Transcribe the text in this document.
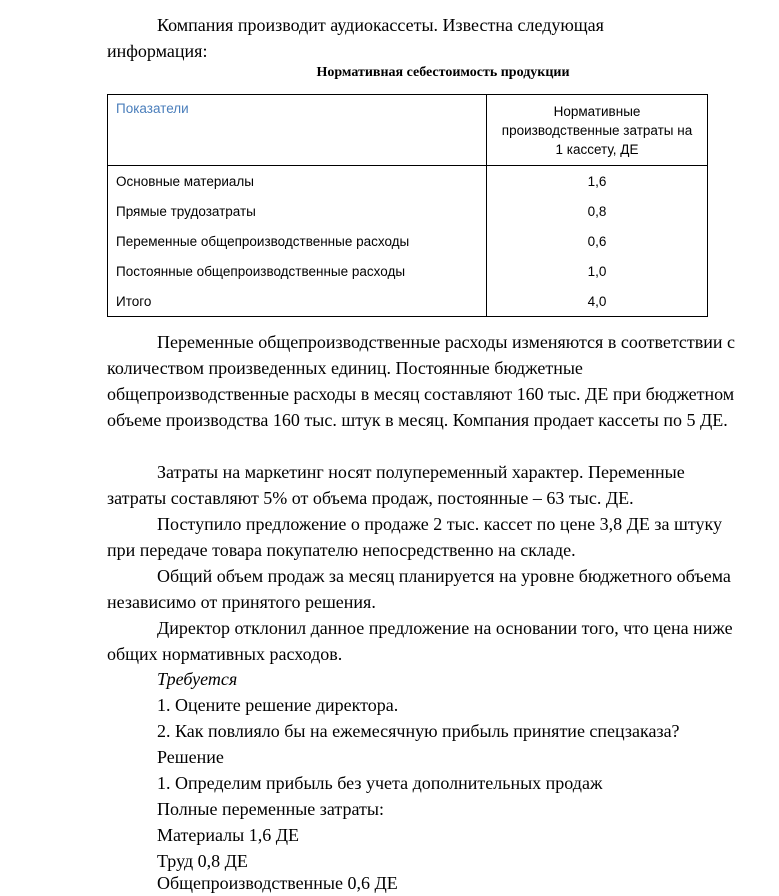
Компания производит аудиокассеты. Известна следующая
информация:

Нормативная себестоимость продукции
Показатели	Нормативные производственные затраты на 1 кассету, ДЕ
Основные материалы	1,6
Прямые трудозатраты	0,8
Переменные общепроизводственные расходы	0,6
Постоянные общепроизводственные расходы	1,0
Итого	4,0

Переменные общепроизводственные расходы изменяются в соответствии с количеством произведенных единиц. Постоянные бюджетные общепроизводственные расходы в месяц составляют 160 тыс. ДЕ при бюджетном объеме производства 160 тыс. штук в месяц. Компания продает кассеты по 5 ДЕ.

Затраты на маркетинг носят полупеременный характер. Переменные затраты составляют 5% от объема продаж, постоянные – 63 тыс. ДЕ.

Поступило предложение о продаже 2 тыс. кассет по цене 3,8 ДЕ за штуку при передаче товара покупателю непосредственно на складе.

Общий объем продаж за месяц планируется на уровне бюджетного объема независимо от принятого решения.

Директор отклонил данное предложение на основании того, что цена ниже общих нормативных расходов.

Требуется

1. Оцените решение директора.

2. Как повлияло бы на ежемесячную прибыль принятие спецзаказа?

Решение

1. Определим прибыль без учета дополнительных продаж

Полные переменные затраты:

Материалы 1,6 ДЕ

Труд 0,8 ДЕ

Общепроизводственные 0,6 ДЕ
